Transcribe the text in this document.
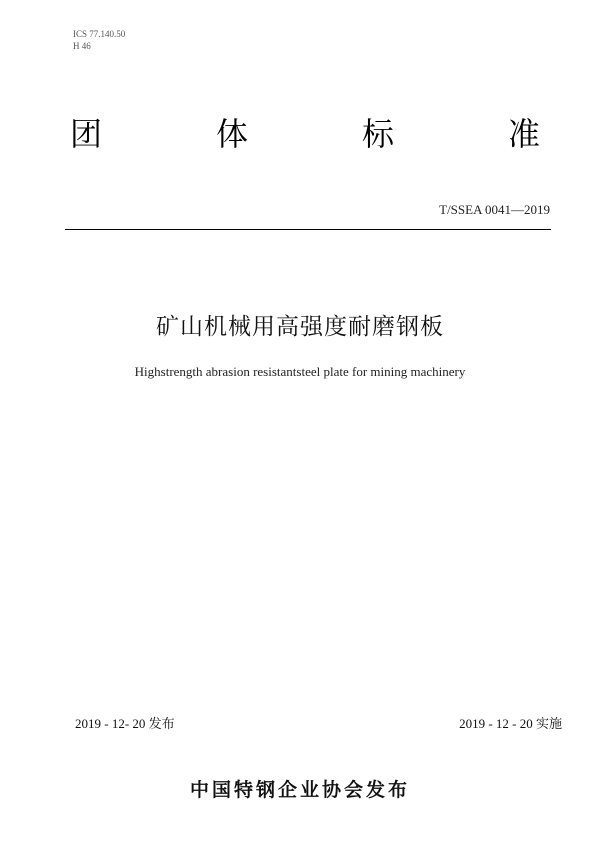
ICS 77.140.50
H 46
团	体	标	准
T/SSEA 0041—2019
矿山机械用高强度耐磨钢板
Highstrength abrasion resistantsteel plate for mining machinery
2019 - 12- 20 发布	2019 - 12 - 20 实施
中国特钢企业协会发布
